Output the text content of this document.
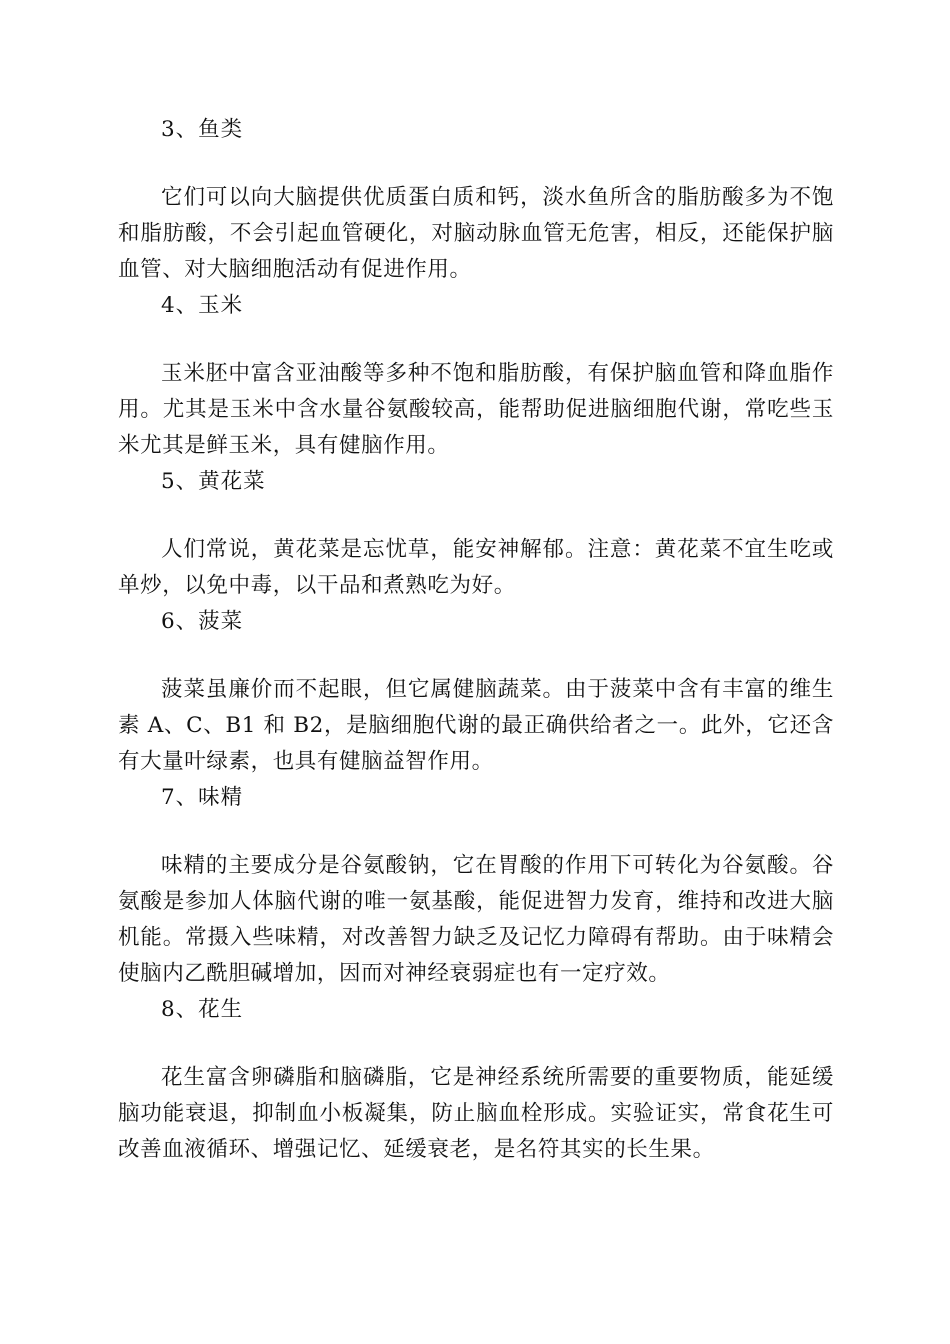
3、鱼类

它们可以向大脑提供优质蛋白质和钙，淡水鱼所含的脂肪酸多为不饱和脂肪酸，不会引起血管硬化，对脑动脉血管无危害，相反，还能保护脑血管、对大脑细胞活动有促进作用。

4、玉米

玉米胚中富含亚油酸等多种不饱和脂肪酸，有保护脑血管和降血脂作用。尤其是玉米中含水量谷氨酸较高，能帮助促进脑细胞代谢，常吃些玉米尤其是鲜玉米，具有健脑作用。

5、黄花菜

人们常说，黄花菜是忘忧草，能安神解郁。注意：黄花菜不宜生吃或单炒，以免中毒，以干品和煮熟吃为好。

6、菠菜

菠菜虽廉价而不起眼，但它属健脑蔬菜。由于菠菜中含有丰富的维生素 A、C、B1 和 B2，是脑细胞代谢的最正确供给者之一。此外，它还含有大量叶绿素，也具有健脑益智作用。

7、味精

味精的主要成分是谷氨酸钠，它在胃酸的作用下可转化为谷氨酸。谷氨酸是参加人体脑代谢的唯一氨基酸，能促进智力发育，维持和改进大脑机能。常摄入些味精，对改善智力缺乏及记忆力障碍有帮助。由于味精会使脑内乙酰胆碱增加，因而对神经衰弱症也有一定疗效。

8、花生

花生富含卵磷脂和脑磷脂，它是神经系统所需要的重要物质，能延缓脑功能衰退，抑制血小板凝集，防止脑血栓形成。实验证实，常食花生可改善血液循环、增强记忆、延缓衰老，是名符其实的长生果。
